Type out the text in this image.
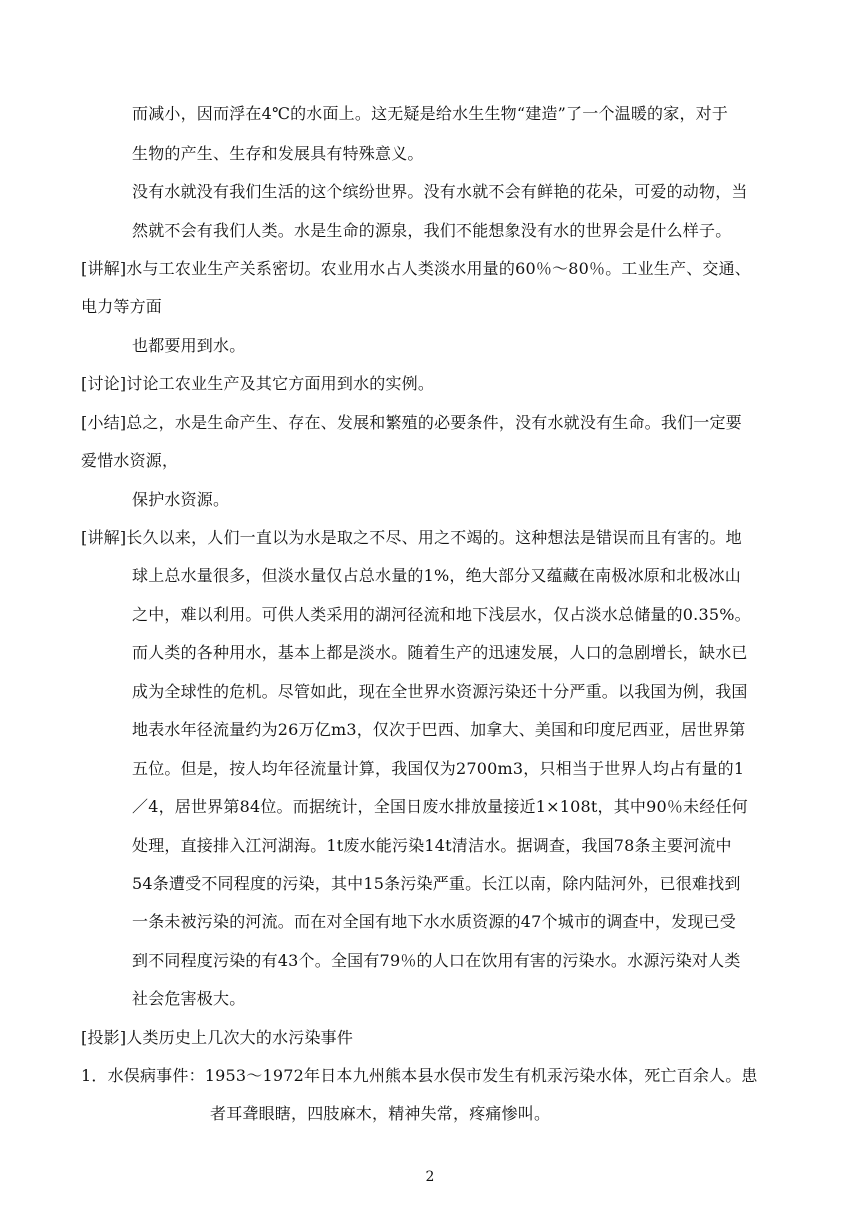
而减小，因而浮在4℃的水面上。这无疑是给水生生物“建造”了一个温暖的家，对于
生物的产生、生存和发展具有特殊意义。
没有水就没有我们生活的这个缤纷世界。没有水就不会有鲜艳的花朵，可爱的动物，当
然就不会有我们人类。水是生命的源泉，我们不能想象没有水的世界会是什么样子。
[讲解]水与工农业生产关系密切。农业用水占人类淡水用量的60％～80％。工业生产、交通、
电力等方面
也都要用到水。
[讨论]讨论工农业生产及其它方面用到水的实例。
[小结]总之，水是生命产生、存在、发展和繁殖的必要条件，没有水就没有生命。我们一定要
爱惜水资源，
保护水资源。
[讲解]长久以来，人们一直以为水是取之不尽、用之不竭的。这种想法是错误而且有害的。地
球上总水量很多，但淡水量仅占总水量的1%，绝大部分又蕴藏在南极冰原和北极冰山
之中，难以利用。可供人类采用的湖河径流和地下浅层水，仅占淡水总储量的0.35%。
而人类的各种用水，基本上都是淡水。随着生产的迅速发展，人口的急剧增长，缺水已
成为全球性的危机。尽管如此，现在全世界水资源污染还十分严重。以我国为例，我国
地表水年径流量约为26万亿m3，仅次于巴西、加拿大、美国和印度尼西亚，居世界第
五位。但是，按人均年径流量计算，我国仅为2700m3，只相当于世界人均占有量的1
／4，居世界第84位。而据统计，全国日废水排放量接近1×108t，其中90％未经任何
处理，直接排入江河湖海。1t废水能污染14t清洁水。据调查，我国78条主要河流中
54条遭受不同程度的污染，其中15条污染严重。长江以南，除内陆河外，已很难找到
一条未被污染的河流。而在对全国有地下水水质资源的47个城市的调查中，发现已受
到不同程度污染的有43个。全国有79％的人口在饮用有害的污染水。水源污染对人类
社会危害极大。
[投影]人类历史上几次大的水污染事件
1．水俣病事件：1953～1972年日本九州熊本县水俣市发生有机汞污染水体，死亡百余人。患
者耳聋眼瞎，四肢麻木，精神失常，疼痛惨叫。
2
